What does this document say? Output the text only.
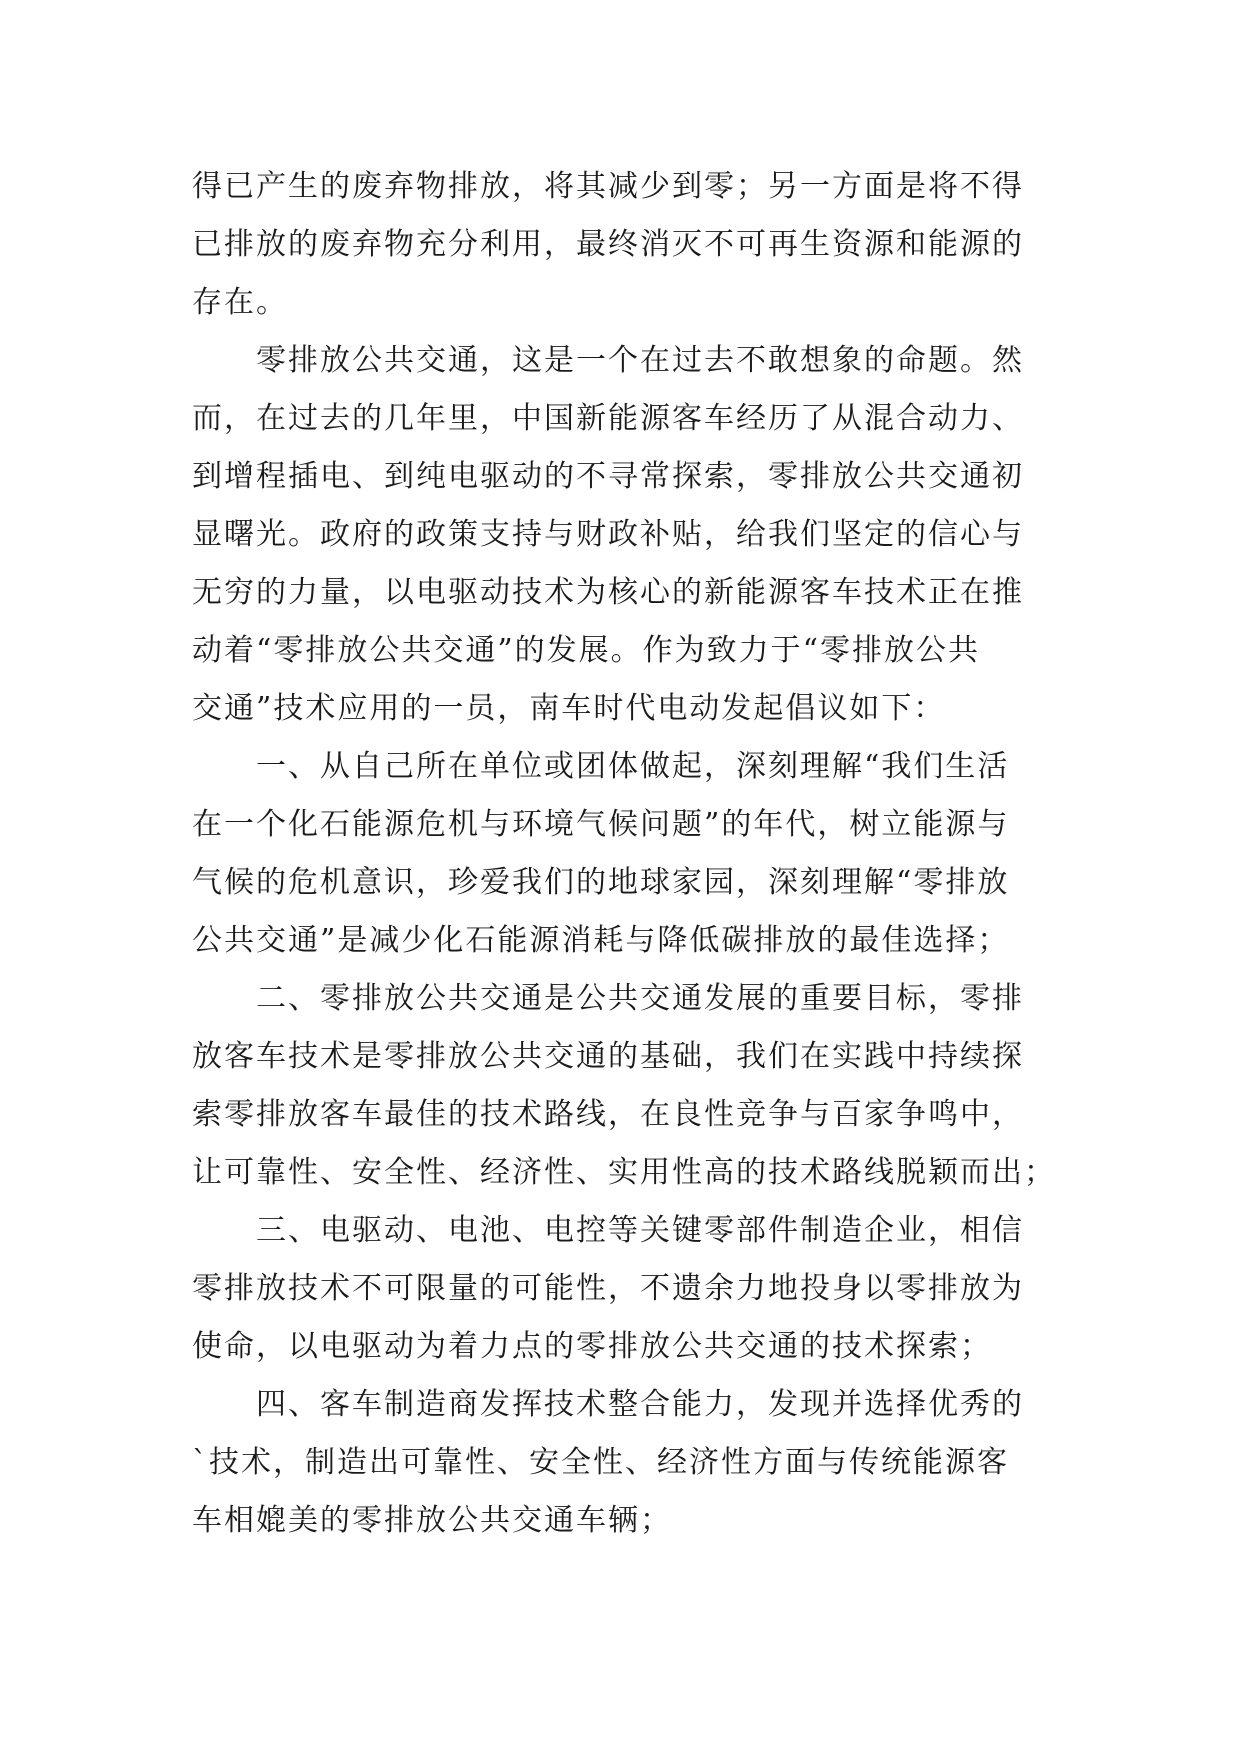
得已产生的废弃物排放，将其减少到零；另一方面是将不得
已排放的废弃物充分利用，最终消灭不可再生资源和能源的
存在。
零排放公共交通，这是一个在过去不敢想象的命题。然
而，在过去的几年里，中国新能源客车经历了从混合动力、
到增程插电、到纯电驱动的不寻常探索，零排放公共交通初
显曙光。政府的政策支持与财政补贴，给我们坚定的信心与
无穷的力量，以电驱动技术为核心的新能源客车技术正在推
动着“零排放公共交通”的发展。作为致力于“零排放公共
交通”技术应用的一员，南车时代电动发起倡议如下：
一、从自己所在单位或团体做起，深刻理解“我们生活
在一个化石能源危机与环境气候问题”的年代，树立能源与
气候的危机意识，珍爱我们的地球家园，深刻理解“零排放
公共交通”是减少化石能源消耗与降低碳排放的最佳选择；
二、零排放公共交通是公共交通发展的重要目标，零排
放客车技术是零排放公共交通的基础，我们在实践中持续探
索零排放客车最佳的技术路线，在良性竞争与百家争鸣中，
让可靠性、安全性、经济性、实用性高的技术路线脱颖而出；
三、电驱动、电池、电控等关键零部件制造企业，相信
零排放技术不可限量的可能性，不遗余力地投身以零排放为
使命，以电驱动为着力点的零排放公共交通的技术探索；
四、客车制造商发挥技术整合能力，发现并选择优秀的
`技术，制造出可靠性、安全性、经济性方面与传统能源客
车相媲美的零排放公共交通车辆；
